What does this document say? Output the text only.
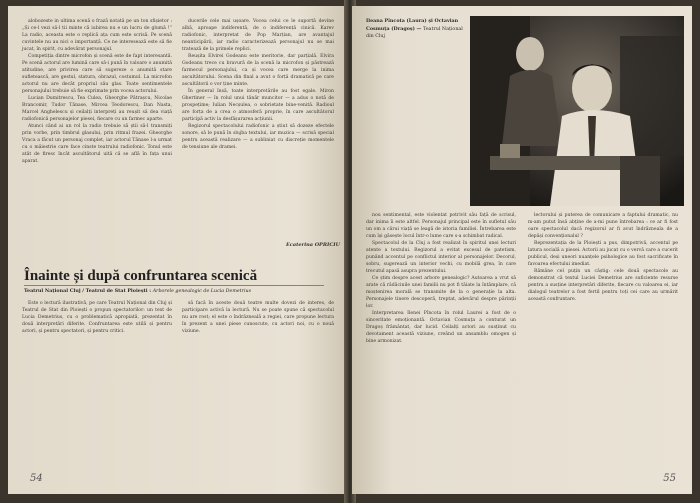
alobozeste in ultima scenă o frază notată pe un ton sfișietor : „Și ce-l vezi să-l tii minte că iubirea nu e un lucru de glumă !” La radio, aceasta este o replică ața cum este scrisă. Pe scenă cuvintele nu au nici o importanță. Ce ne interesează este să fie jucat, în spirit, cu adevărat personajul.

Competiția dintre microfon și scenă este de fapt interesantă. Pe scenă actorul are lumină care să-i pună în valoare o anumită atitudine, are privirea care să sugereze o anumită stare sufletească, are gestul, statura, obrazul, costumul. La microfon actorul nu are decât propriul său glas. Toate sentimentele personajului trebuie să fie exprimate prin vocea actorului.

Lucian Dumitrescu, Tea Culea, Gheorghe Pătrașcu, Nicolae Brancomir, Tudor Tănase, Mircea Teodorescu, Dan Nasta, Marcel Anghelescu și ceilalți interpreți au reușit să dea viață radiofonică personajelor piesei, fiecare cu un farmec aparte.

Atunci când ai un rol la radio trebuie să știi să-l transmiți prin vorbe, prin timbrul glasului, prin ritmul frazei. Gheorghe Vraca a făcut un personaj complet, iar actorul Tănase l-a urmat cu o măiestrie care face cinste teatrului radiofonic. Tonul este atât de firesc încât ascultătorul uită că se află în fața unui aparat.

ducerile cele mai ușoare. Vocea celui ce le suportă devine albă, aproape indiferentă, de o indiferență cinică. Karev radiofonic, interpretat de Pop Marțian, are avantajul neanticipării, iar radio caracterizează personajul nu se mai tratează de la primele replici.

Reușita Elvirei Godeanu este meritorie, dar parțială. Elvira Godeanu trece cu bravură de la scenă la microfon și păstrează farmecul personajului, ca și vocea care merge la inima ascultătorului. Scena din final a avut o forță dramatică pe care ascultătorii o vor ține minte.

În general însă, toate interpretările au fost egale. Miron Ghertiner — în rolul unui tânăr muncitor — a adus o notă de prospețime; Iulian Necșulea, o sobrietate bine-venită. Radioul are forța de a crea o atmosferă proprie, în care ascultătorul participă activ la desfășurarea acțiunii.

Regizorul spectacolului radiofonic a știut să dozeze efectele sonore, să le pună în slujba textului, iar muzica — scrisă special pentru această realizare — a subliniat cu discreție momentele de tensiune ale dramei.

Ecaterina OPRICIU
Înainte și după confruntarea scenică
Teatrul Național Cluj / Teatrul de Stat Ploiești : Arborele genealogic de Lucia Demetrius

Este o lectură ilustrativă, pe care Teatrul Național din Cluj și Teatrul de Stat din Ploiești o propun spectatorilor: un text de Lucia Demetrius, cu o problematică apropiată, prezentat în două interpretări diferite. Confruntarea este utilă și pentru actori, și pentru spectatori, și pentru critici.

să facă în aceste două teatre multe dovezi de interes, de participare activă la lectură. Nu se poate spune că spectacolul nu are rost; el este o îndrăzneală a regiei, care propune lectura în prezent a unei piese cunoscute, cu actori noi, cu o nouă viziune.

54
Ileana Pîncota (Laura) și Octavian Cosmuța (Dragoș) — Teatrul Național din Cluj

nou sentimental, este violentat potrivit său față de scrisul, dar inima îi este altfel. Personajul principal este în sufletul său un om a cărui viață se leagă de istoria familiei. Întrebarea este cum își găsește locul într-o lume care s-a schimbat radical.

Spectacolul de la Cluj a fost realizat în spiritul unei lecturi atente a textului. Regizorul a evitat excesul de patetism, punând accentul pe conflictul interior al personajelor. Decorul, sobru, sugerează un interior vechi, cu mobilă grea, în care trecutul apasă asupra prezentului.

Ce știm despre acest arbore genealogic? Autoarea a vrut să arate că rădăcinile unei familii nu pot fi tăiate la întâmplare, că moștenirea morală se transmite de la o generație la alta. Personajele tinere descoperă, treptat, adevărul despre părinții lor.

Interpretarea Ilenei Pîncota în rolul Laurei a fost de o sinceritate emoționantă. Octavian Cosmuța a conturat un Dragoș frământat, dar lucid. Ceilalți actori au susținut cu devotament această viziune, creând un ansamblu omogen și bine armonizat.

lectorului și puterea de comunicare a faptului dramatic, nu m-am putut însă abține de a-mi pune întrebarea : ce ar fi fost oare spectacolul dacă regizorul ar fi avut îndrăzneala de a depăși convenționalul ?

Reprezentația de la Ploiești a pus, dimpotrivă, accentul pe latura socială a piesei. Actorii au jucat cu o vervă care a cucerit publicul, deși uneori nuanțele psihologice au fost sacrificate în favoarea efectului imediat.

Rămâne cel puțin un câștig: cele două spectacole au demonstrat că textul Luciei Demetrius are suficiente resurse pentru a susține interpretări diferite, fiecare cu valoarea ei, iar dialogul teatrelor a fost fertil pentru toți cei care au urmărit această confruntare.

55
